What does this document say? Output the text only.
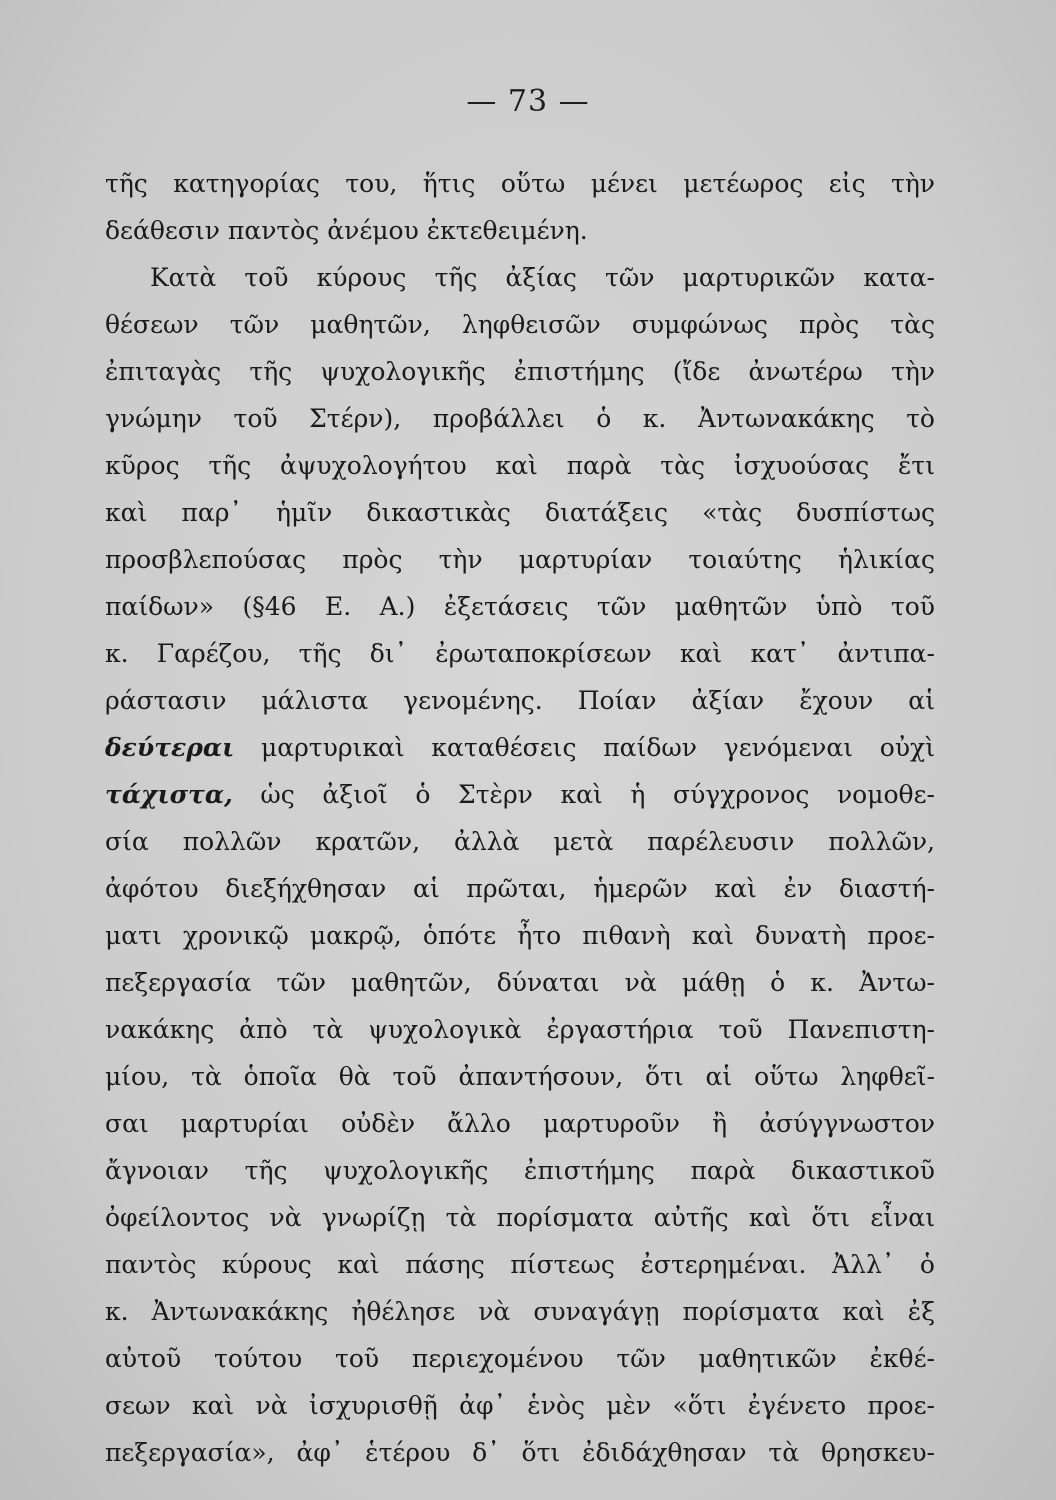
— 73 —
τῆς κατηγορίας του, ἥτις οὕτω μένει μετέωρος εἰς τὴν
δεάθεσιν παντὸς ἀνέμου ἐκτεθειμένη.
Κατὰ τοῦ κύρους τῆς ἀξίας τῶν μαρτυρικῶν κατα-
θέσεων τῶν μαθητῶν, ληφθεισῶν συμφώνως πρὸς τὰς
ἐπιταγὰς τῆς ψυχολογικῆς ἐπιστήμης (ἴδε ἀνωτέρω τὴν
γνώμην τοῦ Στέρν), προβάλλει ὁ κ. Ἀντωνακάκης τὸ
κῦρος τῆς ἀψυχολογήτου καὶ παρὰ τὰς ἰσχυούσας ἔτι
καὶ παρ᾽ ἡμῖν δικαστικὰς διατάξεις «τὰς δυσπίστως
προσβλεπούσας πρὸς τὴν μαρτυρίαν τοιαύτης ἡλικίας
παίδων» (§46 Ε. Α.) ἐξετάσεις τῶν μαθητῶν ὑπὸ τοῦ
κ. Γαρέζου, τῆς δι᾽ ἐρωταποκρίσεων καὶ κατ᾽ ἀντιπα-
ράστασιν μάλιστα γενομένης. Ποίαν ἀξίαν ἔχουν αἱ
δεύτεραι μαρτυρικαὶ καταθέσεις παίδων γενόμεναι οὐχὶ
τάχιστα, ὡς ἀξιοῖ ὁ Στὲρν καὶ ἡ σύγχρονος νομοθε-
σία πολλῶν κρατῶν, ἀλλὰ μετὰ παρέλευσιν πολλῶν,
ἀφότου διεξήχθησαν αἱ πρῶται, ἡμερῶν καὶ ἐν διαστή-
ματι χρονικῷ μακρῷ, ὁπότε ἦτο πιθανὴ καὶ δυνατὴ προε-
πεξεργασία τῶν μαθητῶν, δύναται νὰ μάθῃ ὁ κ. Ἀντω-
νακάκης ἀπὸ τὰ ψυχολογικὰ ἐργαστήρια τοῦ Πανεπιστη-
μίου, τὰ ὁποῖα θὰ τοῦ ἀπαντήσουν, ὅτι αἱ οὕτω ληφθεῖ-
σαι μαρτυρίαι οὐδὲν ἄλλο μαρτυροῦν ἢ ἀσύγγνωστον
ἄγνοιαν τῆς ψυχολογικῆς ἐπιστήμης παρὰ δικαστικοῦ
ὀφείλοντος νὰ γνωρίζῃ τὰ πορίσματα αὐτῆς καὶ ὅτι εἶναι
παντὸς κύρους καὶ πάσης πίστεως ἐστερημέναι. Ἀλλ᾽ ὁ
κ. Ἀντωνακάκης ἠθέλησε νὰ συναγάγῃ πορίσματα καὶ ἐξ
αὐτοῦ τούτου τοῦ περιεχομένου τῶν μαθητικῶν ἐκθέ-
σεων καὶ νὰ ἰσχυρισθῇ ἀφ᾽ ἑνὸς μὲν «ὅτι ἐγένετο προε-
πεξεργασία», ἀφ᾽ ἑτέρου δ᾽ ὅτι ἐδιδάχθησαν τὰ θρησκευ-
